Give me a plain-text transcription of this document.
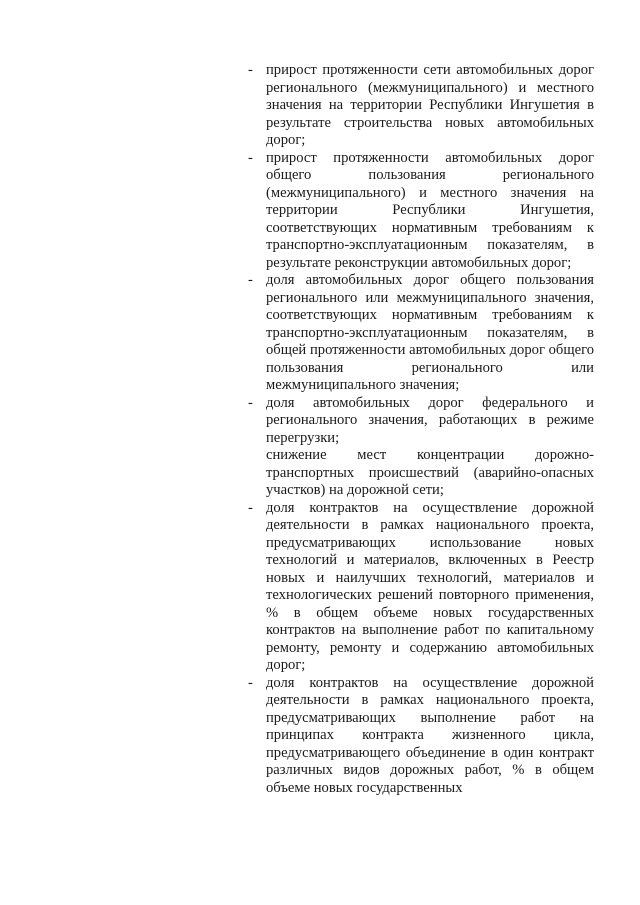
- прирост протяженности сети автомобильных дорог регионального (межмуниципального) и местного значения на территории Республики Ингушетия в результате строительства новых автомобильных дорог;
- прирост протяженности автомобильных дорог общего пользования регионального (межмуниципального) и местного значения на территории Республики Ингушетия, соответствующих нормативным требованиям к транспортно-эксплуатационным показателям, в результате реконструкции автомобильных дорог;
- доля автомобильных дорог общего пользования регионального или межмуниципального значения, соответствующих нормативным требованиям к транспортно-эксплуатационным показателям, в общей протяженности автомобильных дорог общего пользования регионального или межмуниципального значения;
- доля автомобильных дорог федерального и регионального значения, работающих в режиме перегрузки;
снижение мест концентрации дорожно-транспортных происшествий (аварийно-опасных участков) на дорожной сети;
- доля контрактов на осуществление дорожной деятельности в рамках национального проекта, предусматривающих использование новых технологий и материалов, включенных в Реестр новых и наилучших технологий, материалов и технологических решений повторного применения, % в общем объеме новых государственных контрактов на выполнение работ по капитальному ремонту, ремонту и содержанию автомобильных дорог;
- доля контрактов на осуществление дорожной деятельности в рамках национального проекта, предусматривающих выполнение работ на принципах контракта жизненного цикла, предусматривающего объединение в один контракт различных видов дорожных работ, % в общем объеме новых государственных
